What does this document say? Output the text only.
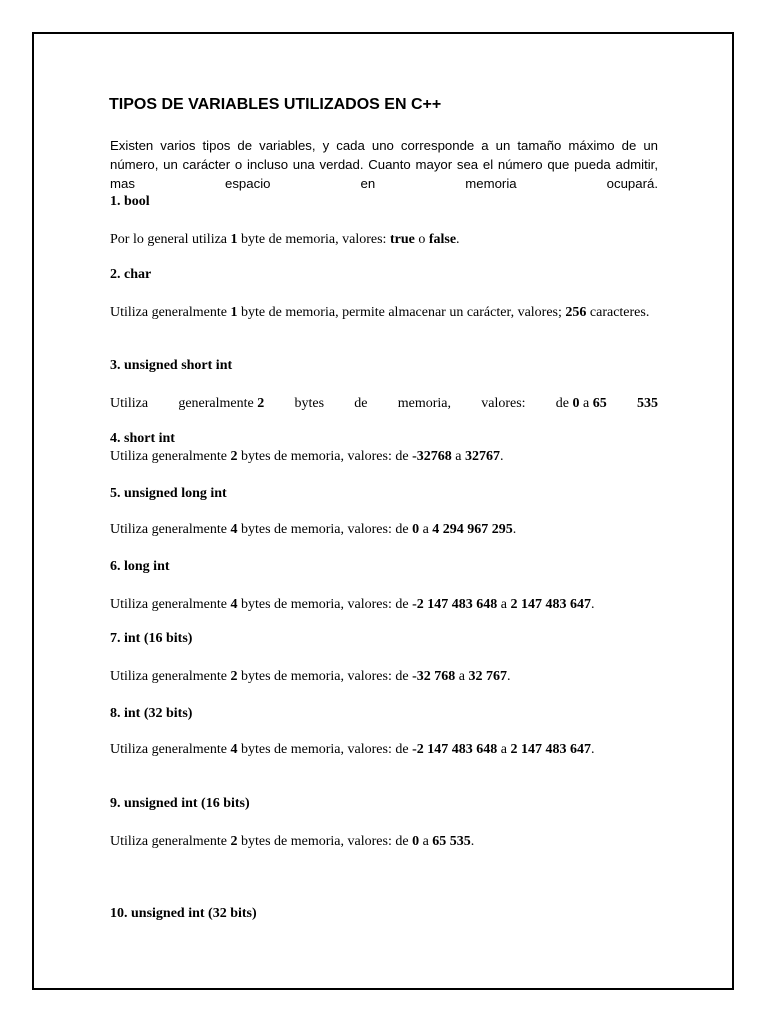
TIPOS DE VARIABLES UTILIZADOS EN C++

Existen varios tipos de variables, y cada uno corresponde a un tamaño máximo de un número, un carácter o incluso una verdad. Cuanto mayor sea el número que pueda admitir, mas espacio en memoria ocupará.

1. bool
Por lo general utiliza 1 byte de memoria, valores: true o false.
2. char
Utiliza generalmente 1 byte de memoria, permite almacenar un carácter, valores; 256 caracteres.
3. unsigned short int
Utiliza generalmente 2 bytes de memoria, valores: de 0 a 65 535
4. short int
Utiliza generalmente 2 bytes de memoria, valores: de -32768 a 32767.
5. unsigned long int
Utiliza generalmente 4 bytes de memoria, valores: de 0 a 4 294 967 295.
6. long int
Utiliza generalmente 4 bytes de memoria, valores: de -2 147 483 648 a 2 147 483 647.
7. int (16 bits)
Utiliza generalmente 2 bytes de memoria, valores: de -32 768 a 32 767.
8. int (32 bits)
Utiliza generalmente 4 bytes de memoria, valores: de -2 147 483 648 a 2 147 483 647.
9. unsigned int (16 bits)
Utiliza generalmente 2 bytes de memoria, valores: de 0 a 65 535.
10. unsigned int (32 bits)
